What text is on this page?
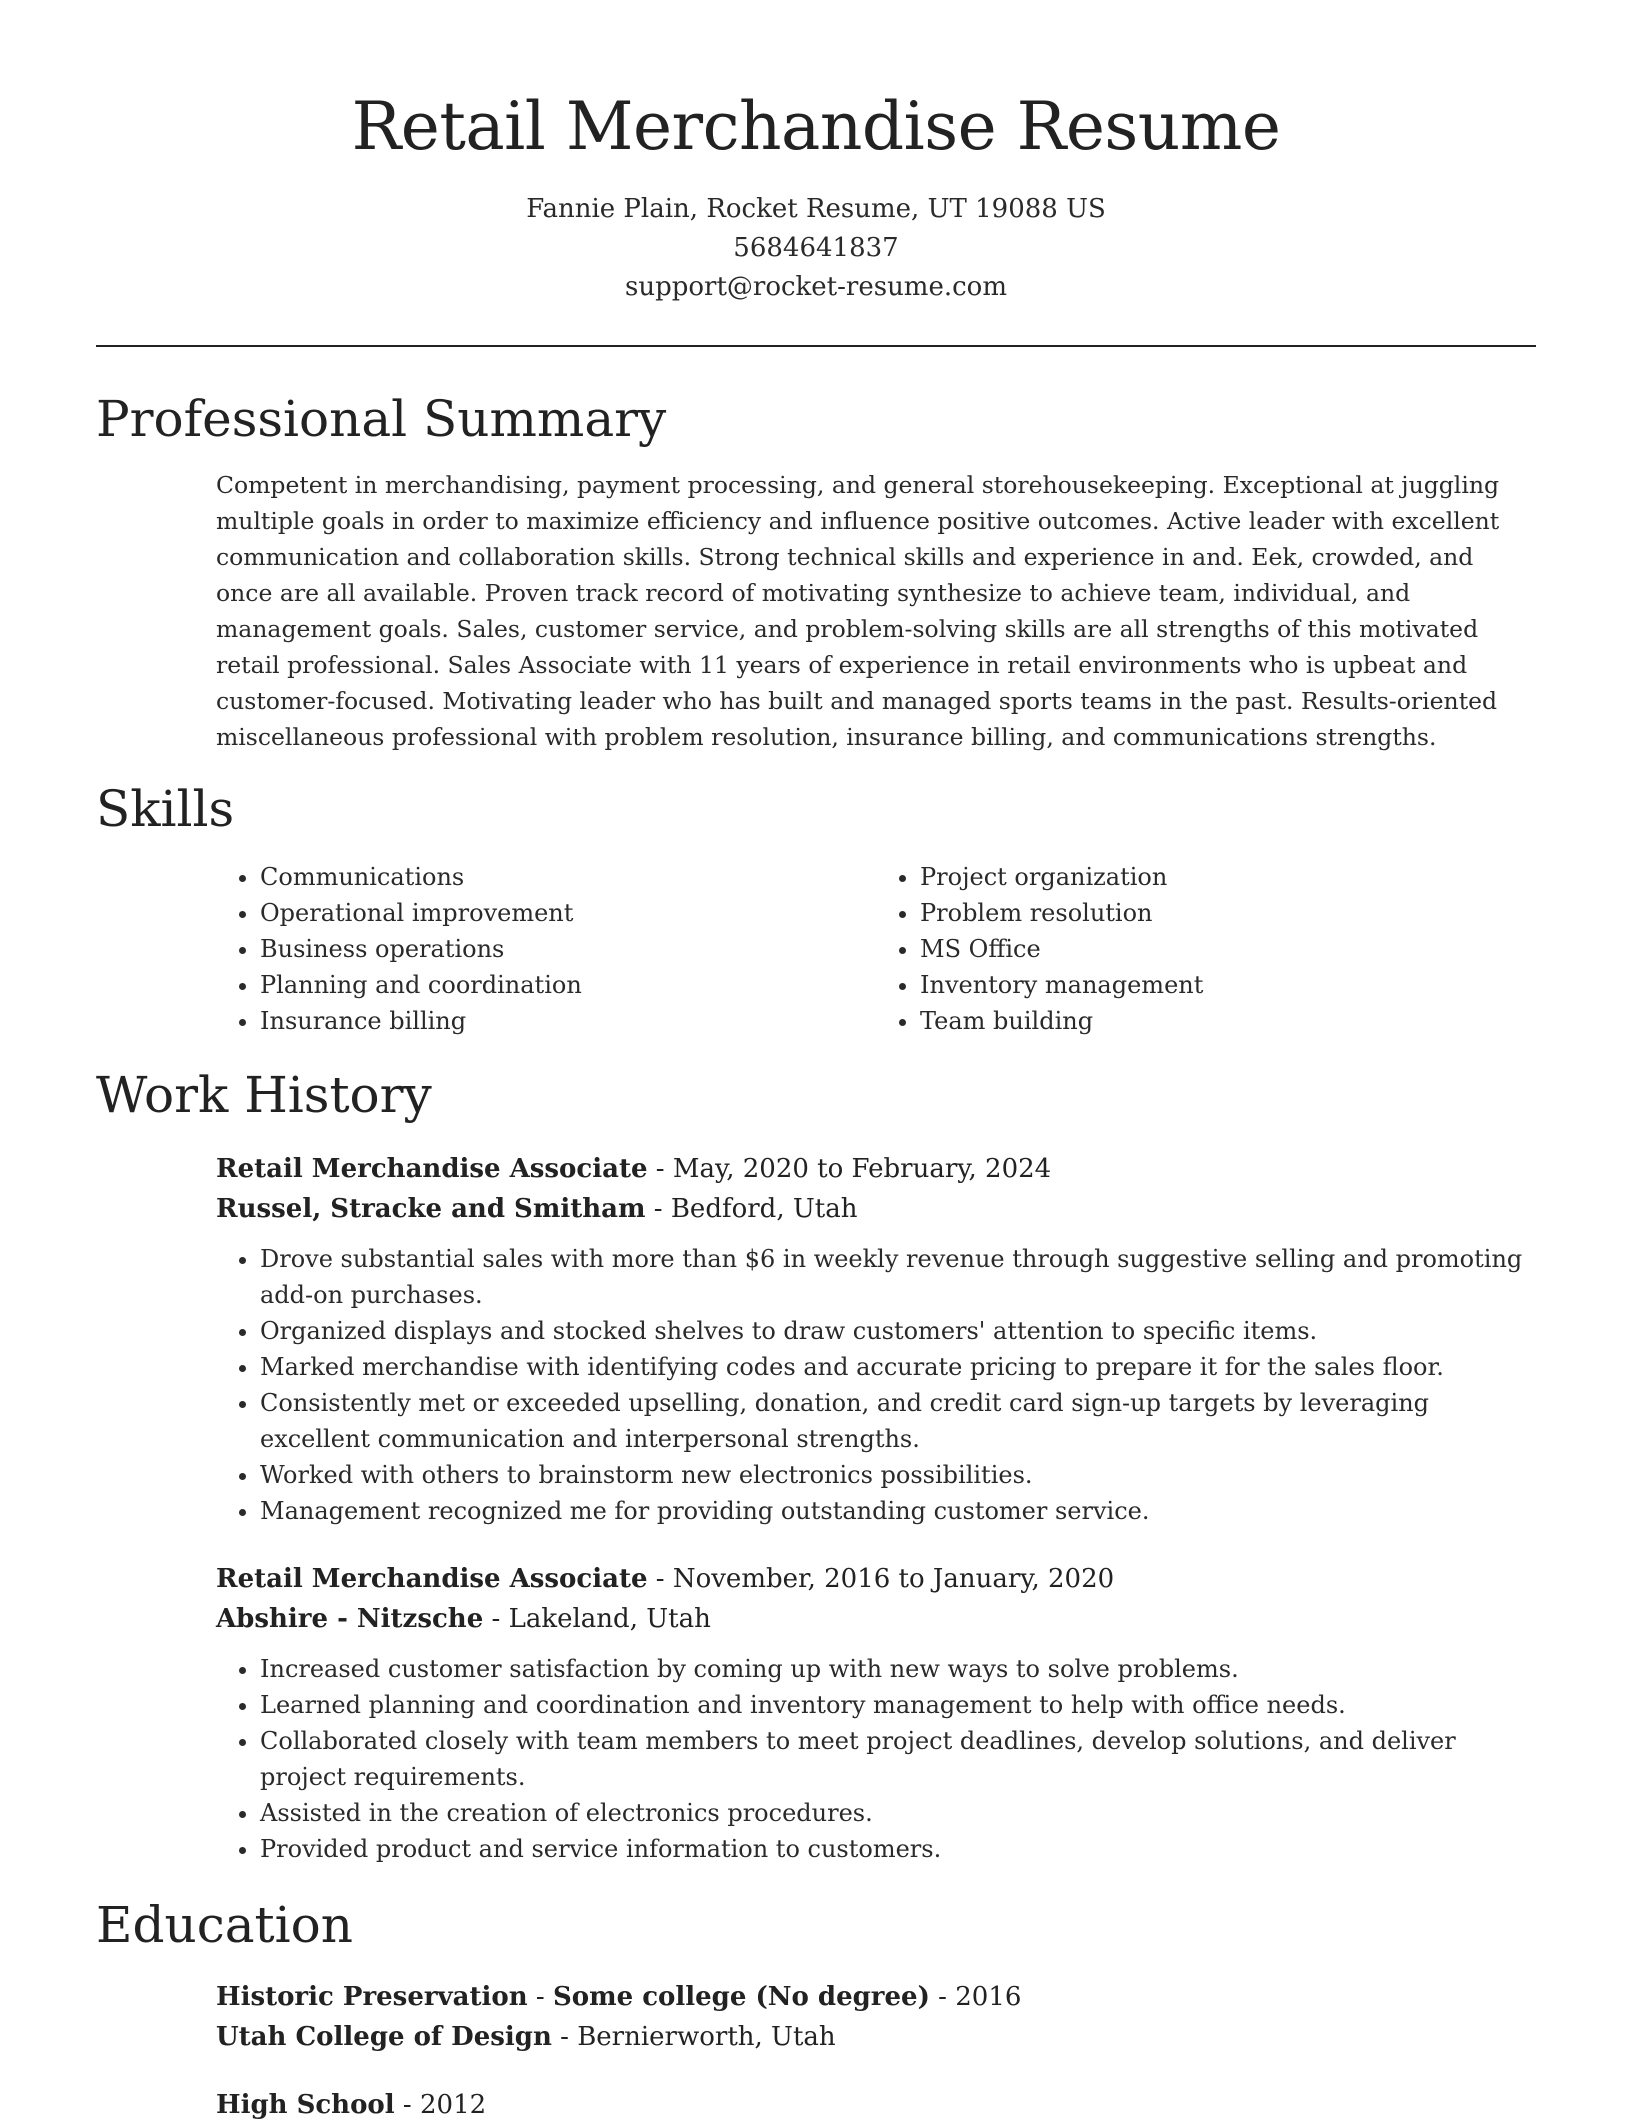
Retail Merchandise Resume
Fannie Plain, Rocket Resume, UT 19088 US
5684641837
support@rocket-resume.com
Professional Summary

Competent in merchandising, payment processing, and general storehousekeeping. Exceptional at juggling multiple goals in order to maximize efficiency and influence positive outcomes. Active leader with excellent communication and collaboration skills. Strong technical skills and experience in and. Eek, crowded, and once are all available. Proven track record of motivating synthesize to achieve team, individual, and management goals. Sales, customer service, and problem-solving skills are all strengths of this motivated retail professional. Sales Associate with 11 years of experience in retail environments who is upbeat and customer-focused. Motivating leader who has built and managed sports teams in the past. Results-oriented miscellaneous professional with problem resolution, insurance billing, and communications strengths.

Skills
• Communications
• Operational improvement
• Business operations
• Planning and coordination
• Insurance billing
• Project organization
• Problem resolution
• MS Office
• Inventory management
• Team building
Work History
Retail Merchandise Associate - May, 2020 to February, 2024
Russel, Stracke and Smitham - Bedford, Utah
• Drove substantial sales with more than $6 in weekly revenue through suggestive selling and promoting add-on purchases.
• Organized displays and stocked shelves to draw customers' attention to specific items.
• Marked merchandise with identifying codes and accurate pricing to prepare it for the sales floor.
• Consistently met or exceeded upselling, donation, and credit card sign-up targets by leveraging excellent communication and interpersonal strengths.
• Worked with others to brainstorm new electronics possibilities.
• Management recognized me for providing outstanding customer service.
Retail Merchandise Associate - November, 2016 to January, 2020
Abshire - Nitzsche - Lakeland, Utah
• Increased customer satisfaction by coming up with new ways to solve problems.
• Learned planning and coordination and inventory management to help with office needs.
• Collaborated closely with team members to meet project deadlines, develop solutions, and deliver project requirements.
• Assisted in the creation of electronics procedures.
• Provided product and service information to customers.
Education
Historic Preservation - Some college (No degree) - 2016
Utah College of Design - Bernierworth, Utah
High School - 2012
